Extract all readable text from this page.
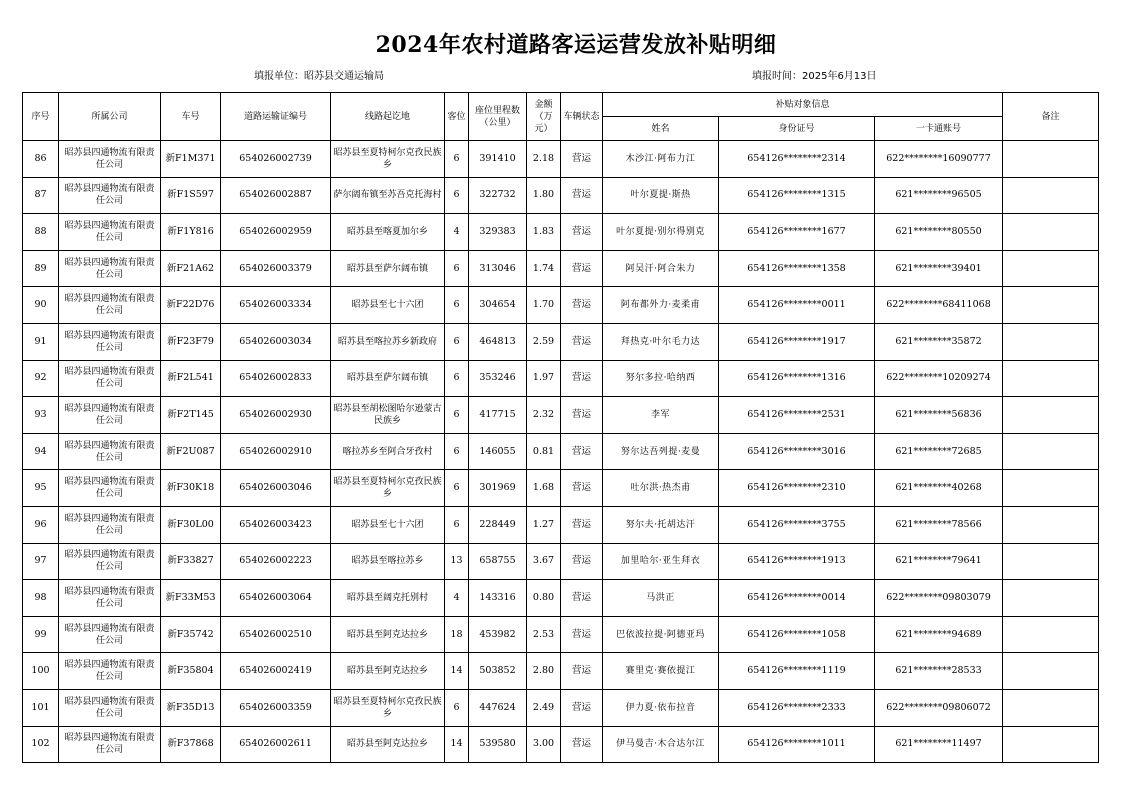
2024年农村道路客运运营发放补贴明细
填报单位：昭苏县交通运输局	填报时间：2025年6月13日
序号	所属公司	车号	道路运输证编号	线路起讫地	客位	座位里程数（公里）	金额（万元）	车辆状态	补贴对象信息			备注
									姓名	身份证号	一卡通账号	
86	昭苏县四通物流有限责任公司	新F1M371	654026002739	昭苏县至夏特柯尔克孜民族乡	6	391410	2.18	营运	木沙江·阿布力江	654126********2314	622********16090777	
87	昭苏县四通物流有限责任公司	新F1S597	654026002887	萨尔阔布镇至苏吾克托海村	6	322732	1.80	营运	叶尔夏提·斯热	654126********1315	621********96505	
88	昭苏县四通物流有限责任公司	新F1Y816	654026002959	昭苏县至喀夏加尔乡	4	329383	1.83	营运	叶尔夏提·别尔得别克	654126********1677	621********80550	
89	昭苏县四通物流有限责任公司	新F21A62	654026003379	昭苏县至萨尔阔布镇	6	313046	1.74	营运	阿吴汗·阿合朱力	654126********1358	621********39401	
90	昭苏县四通物流有限责任公司	新F22D76	654026003334	昭苏县至七十六团	6	304654	1.70	营运	阿布都外力·麦柔甫	654126********0011	622********68411068	
91	昭苏县四通物流有限责任公司	新F23F79	654026003034	昭苏县至喀拉苏乡新政府	6	464813	2.59	营运	拜热克·叶尔毛力达	654126********1917	621********35872	
92	昭苏县四通物流有限责任公司	新F2L541	654026002833	昭苏县至萨尔阔布镇	6	353246	1.97	营运	努尔多拉·哈纳西	654126********1316	622********10209274	
93	昭苏县四通物流有限责任公司	新F2T145	654026002930	昭苏县至胡松图哈尔逊蒙古民族乡	6	417715	2.32	营运	李军	654126********2531	621********56836	
94	昭苏县四通物流有限责任公司	新F2U087	654026002910	喀拉苏乡至阿合牙孜村	6	146055	0.81	营运	努尔达吾列提·麦曼	654126********3016	621********72685	
95	昭苏县四通物流有限责任公司	新F30K18	654026003046	昭苏县至夏特柯尔克孜民族乡	6	301969	1.68	营运	吐尔洪·热杰甫	654126********2310	621********40268	
96	昭苏县四通物流有限责任公司	新F30L00	654026003423	昭苏县至七十六团	6	228449	1.27	营运	努尔夫·托胡达汗	654126********3755	621********78566	
97	昭苏县四通物流有限责任公司	新F33827	654026002223	昭苏县至喀拉苏乡	13	658755	3.67	营运	加里哈尔·亚生拜衣	654126********1913	621********79641	
98	昭苏县四通物流有限责任公司	新F33M53	654026003064	昭苏县至阔克托别村	4	143316	0.80	营运	马洪正	654126********0014	622********09803079	
99	昭苏县四通物流有限责任公司	新F35742	654026002510	昭苏县至阿克达拉乡	18	453982	2.53	营运	巴依波拉提·阿德亚玛	654126********1058	621********94689	
100	昭苏县四通物流有限责任公司	新F35804	654026002419	昭苏县至阿克达拉乡	14	503852	2.80	营运	赛里克·赛依提江	654126********1119	621********28533	
101	昭苏县四通物流有限责任公司	新F35D13	654026003359	昭苏县至夏特柯尔克孜民族乡	6	447624	2.49	营运	伊力夏·依布拉音	654126********2333	622********09806072	
102	昭苏县四通物流有限责任公司	新F37868	654026002611	昭苏县至阿克达拉乡	14	539580	3.00	营运	伊马曼吉·木合达尔江	654126********1011	621********11497	
